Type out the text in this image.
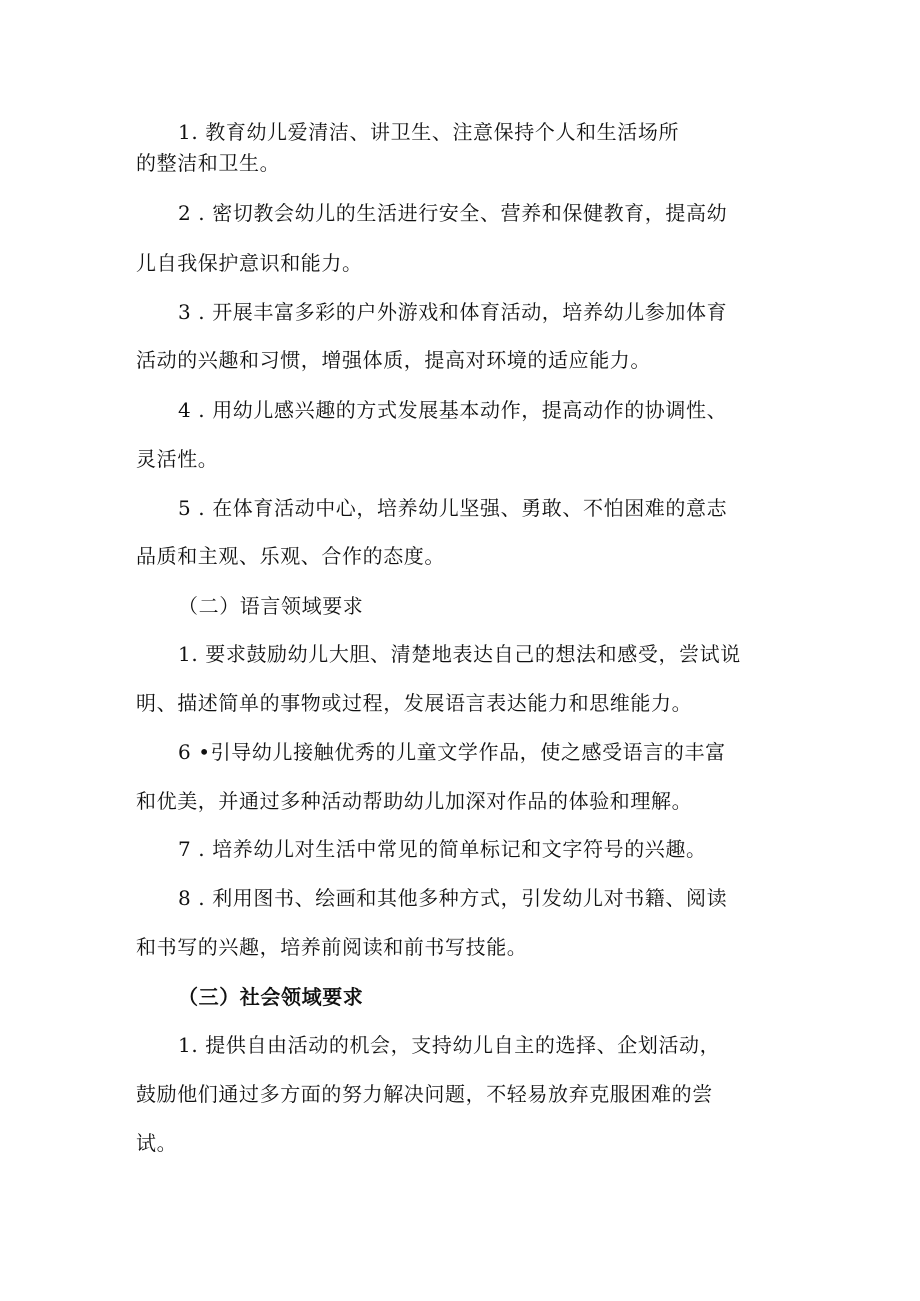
1. 教育幼儿爱清洁、讲卫生、注意保持个人和生活场所

的整洁和卫生。

2 . 密切教会幼儿的生活进行安全、营养和保健教育，提高幼

儿自我保护意识和能力。

3 . 开展丰富多彩的户外游戏和体育活动，培养幼儿参加体育

活动的兴趣和习惯，增强体质，提高对环境的适应能力。

4 . 用幼儿感兴趣的方式发展基本动作，提高动作的协调性、

灵活性。

5 . 在体育活动中心，培养幼儿坚强、勇敢、不怕困难的意志

品质和主观、乐观、合作的态度。

（二）语言领域要求

1. 要求鼓励幼儿大胆、清楚地表达自己的想法和感受，尝试说

明、描述简单的事物或过程，发展语言表达能力和思维能力。

6 •引导幼儿接触优秀的儿童文学作品，使之感受语言的丰富

和优美，并通过多种活动帮助幼儿加深对作品的体验和理解。

7 . 培养幼儿对生活中常见的简单标记和文字符号的兴趣。

8 . 利用图书、绘画和其他多种方式，引发幼儿对书籍、阅读

和书写的兴趣，培养前阅读和前书写技能。

（三）社会领域要求

1. 提供自由活动的机会，支持幼儿自主的选择、企划活动，

鼓励他们通过多方面的努力解决问题，不轻易放弃克服困难的尝

试。
